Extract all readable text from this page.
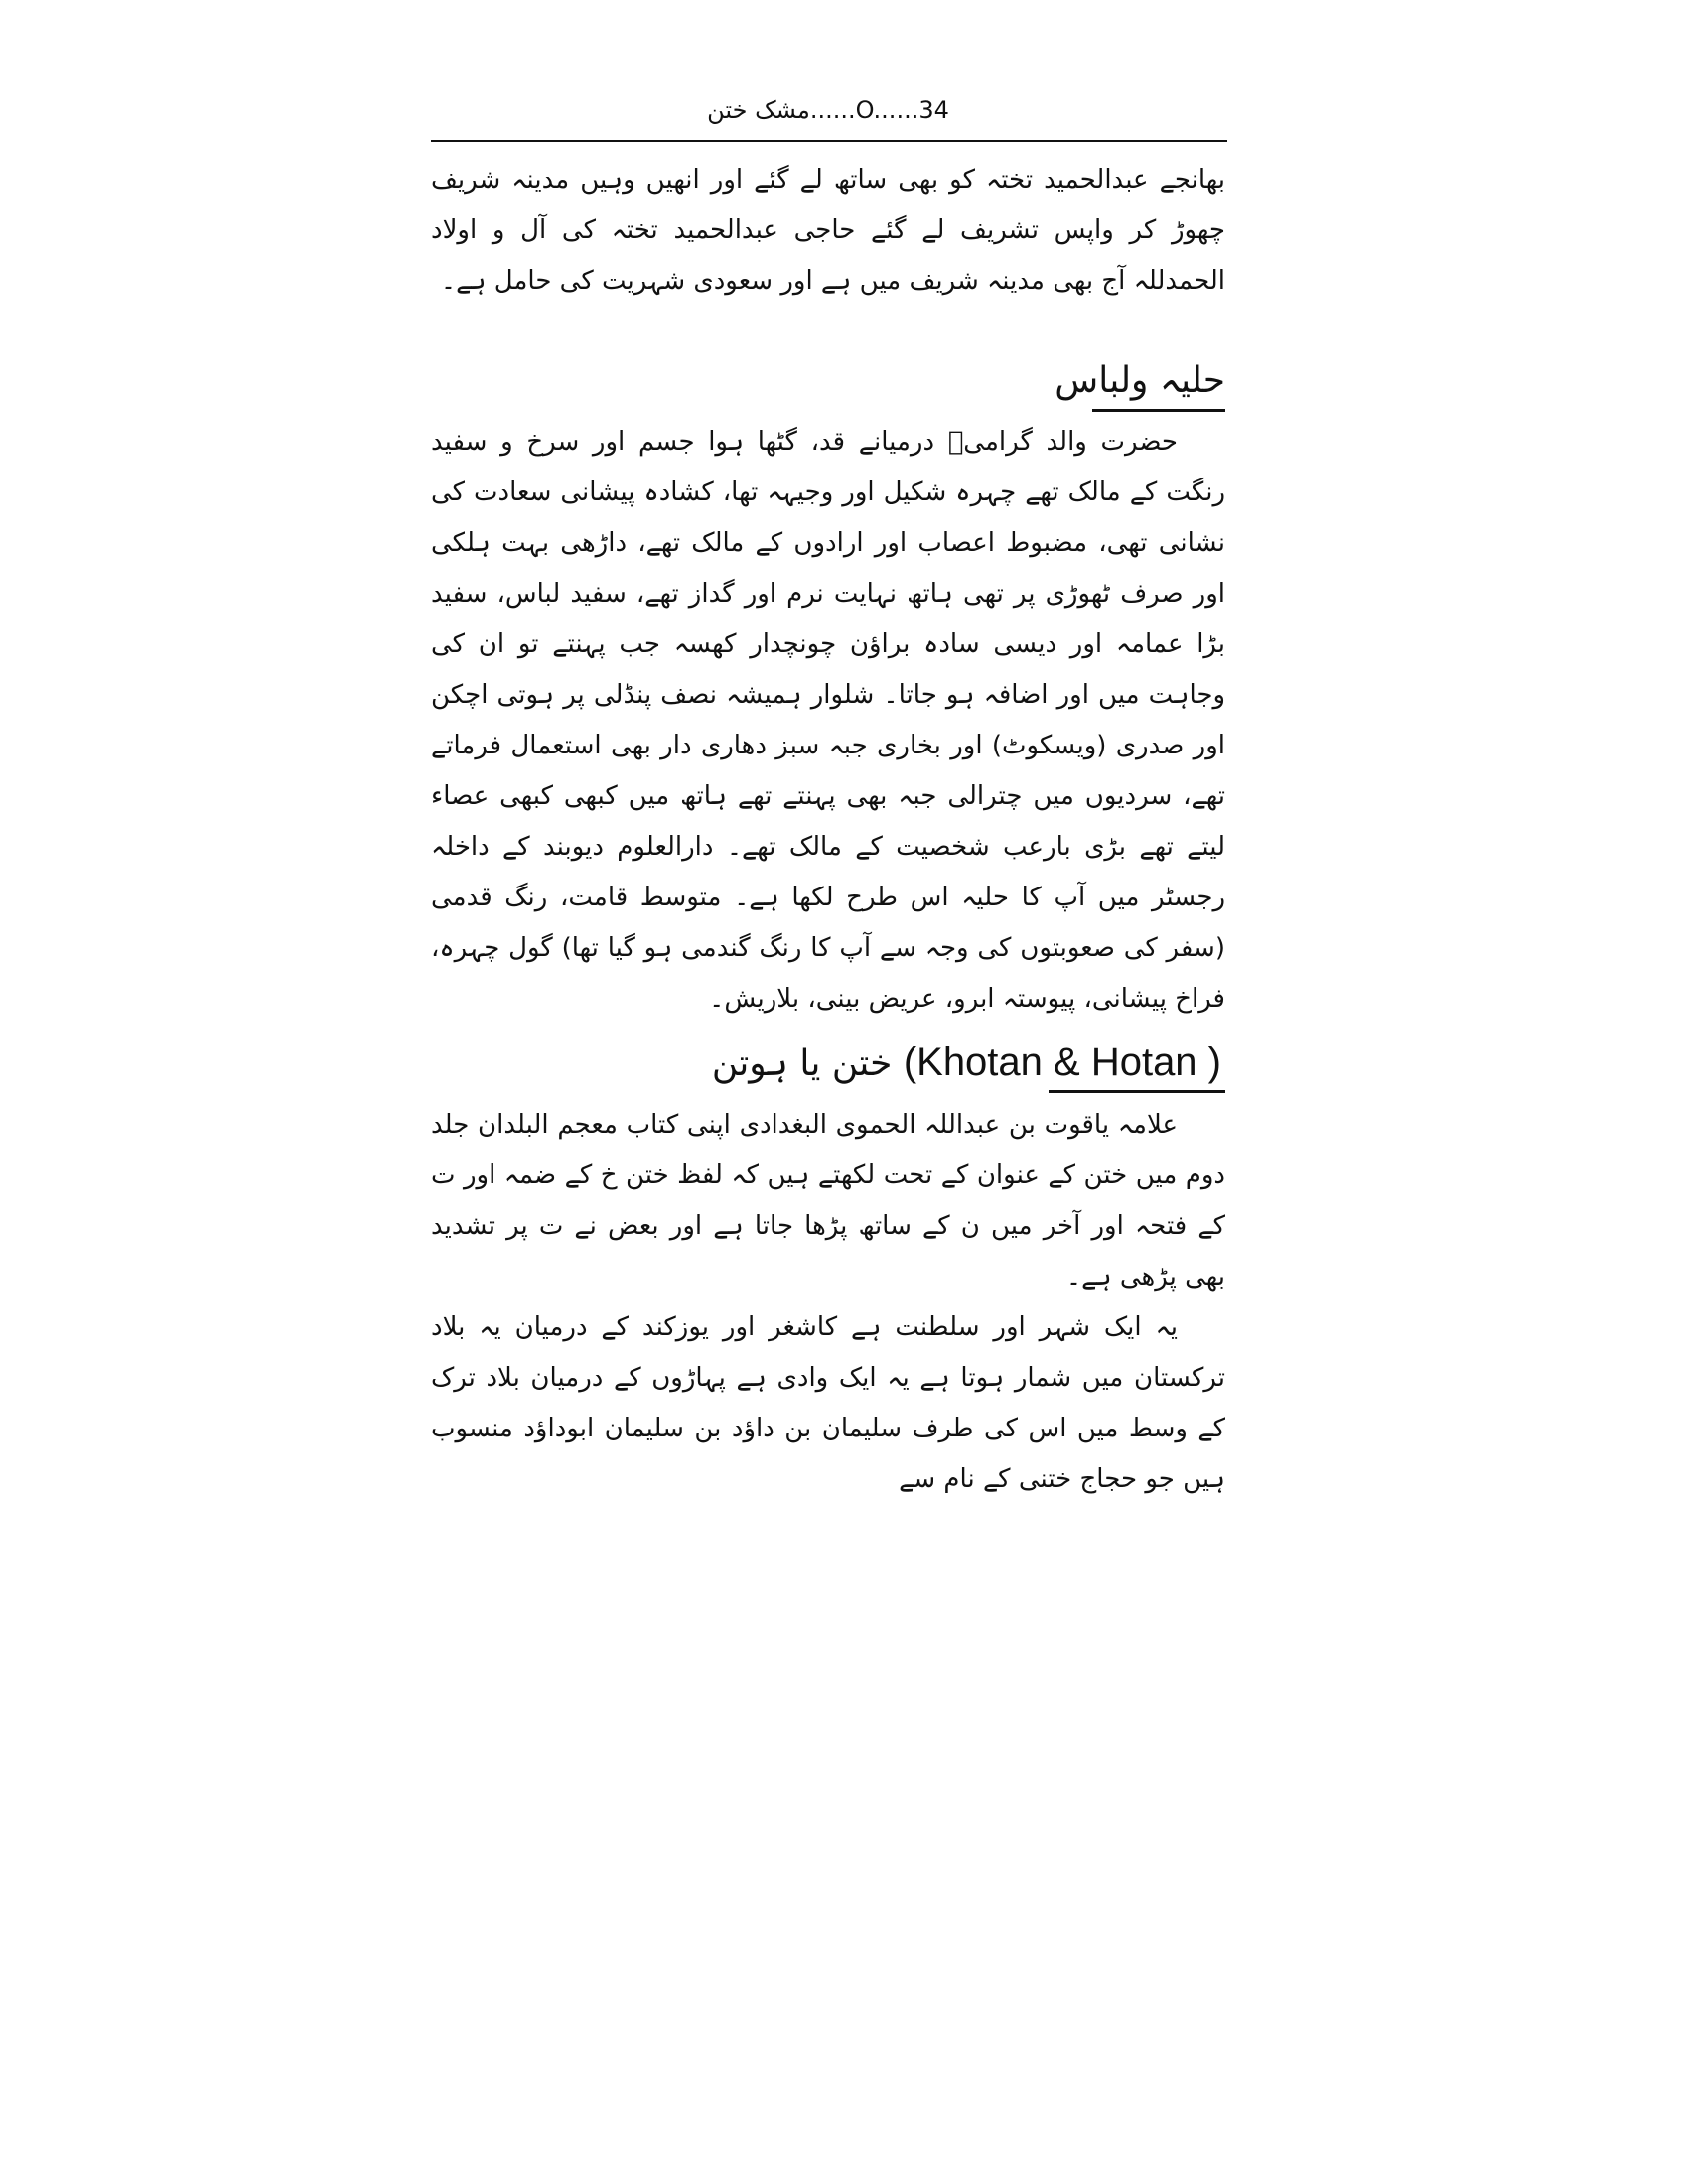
مشک ختن......O......34

بھانجے عبدالحمید تختہ کو بھی ساتھ لے گئے اور انھیں وہیں مدینہ شریف چھوڑ کر واپس تشریف لے گئے حاجی عبدالحمید تختہ کی آل و اولاد الحمدللہ آج بھی مدینہ شریف میں ہے اور سعودی شہریت کی حامل ہے۔

حلیہ ولباس

حضرت والد گرامیؒ درمیانے قد، گٹھا ہوا جسم اور سرخ و سفید رنگت کے مالک تھے چہرہ شکیل اور وجیہہ تھا، کشادہ پیشانی سعادت کی نشانی تھی، مضبوط اعصاب اور ارادوں کے مالک تھے، داڑھی بہت ہلکی اور صرف ٹھوڑی پر تھی ہاتھ نہایت نرم اور گداز تھے، سفید لباس، سفید بڑا عمامہ اور دیسی سادہ براؤن چونچدار کھسہ جب پہنتے تو ان کی وجاہت میں اور اضافہ ہو جاتا۔ شلوار ہمیشہ نصف پنڈلی پر ہوتی اچکن اور صدری (ویسکوٹ) اور بخاری جبہ سبز دھاری دار بھی استعمال فرماتے تھے، سردیوں میں چترالی جبہ بھی پہنتے تھے ہاتھ میں کبھی کبھی عصاء لیتے تھے بڑی بارعب شخصیت کے مالک تھے۔ دارالعلوم دیوبند کے داخلہ رجسٹر میں آپ کا حلیہ اس طرح لکھا ہے۔ متوسط قامت، رنگ قدمی (سفر کی صعوبتوں کی وجہ سے آپ کا رنگ گندمی ہو گیا تھا) گول چہرہ، فراخ پیشانی، پیوستہ ابرو، عریض بینی، بلاریش۔

ختن یا ہوتن (Khotan & Hotan )

علامہ یاقوت بن عبداللہ الحموی البغدادی اپنی کتاب معجم البلدان جلد دوم میں ختن کے عنوان کے تحت لکھتے ہیں کہ لفظ ختن خ کے ضمہ اور ت کے فتحہ اور آخر میں ن کے ساتھ پڑھا جاتا ہے اور بعض نے ت پر تشدید بھی پڑھی ہے۔

یہ ایک شہر اور سلطنت ہے کاشغر اور یوزکند کے درمیان یہ بلاد ترکستان میں شمار ہوتا ہے یہ ایک وادی ہے پہاڑوں کے درمیان بلاد ترک کے وسط میں اس کی طرف سلیمان بن داؤد بن سلیمان ابوداؤد منسوب ہیں جو حجاج ختنی کے نام سے
